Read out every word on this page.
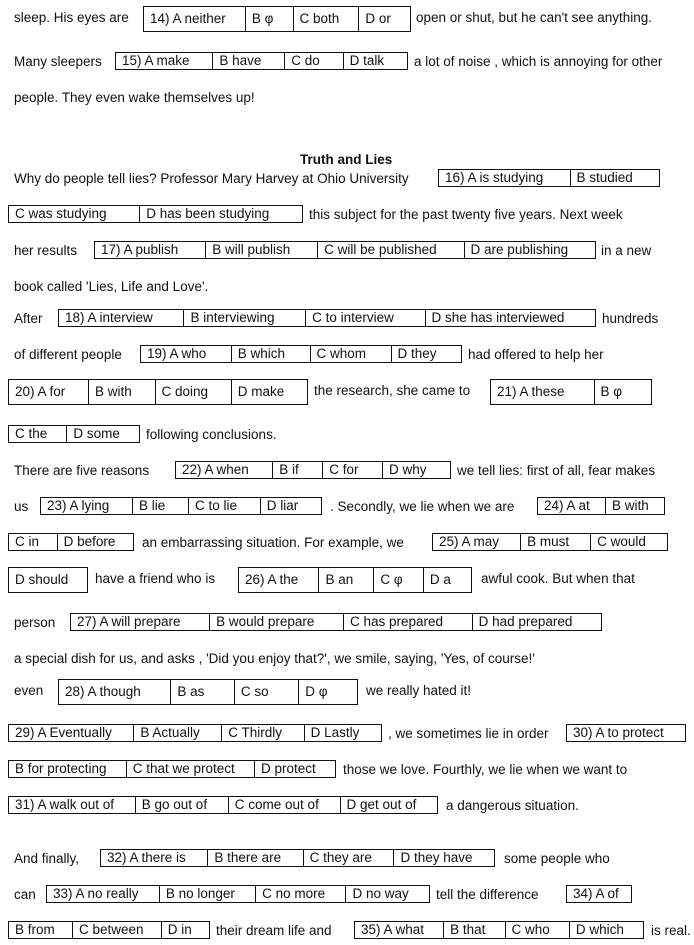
Truth and Lies
sleep. His eyes are	14) A neither	B φ	C both	D or	open or shut, but he can't see anything.
Many sleepers	15) A make	B have	C do	D talk	a lot of noise , which is annoying for other
people. They even wake themselves up!
Why do people tell lies? Professor Mary Harvey at Ohio University	16) A is studying	B studied
C was studying	D has been studying	this subject for the past twenty five years. Next week
her results	17) A publish	B will publish	C will be published	D are publishing	in a new
book called 'Lies, Life and Love'.
After	18) A interview	B interviewing	C to interview	D she has interviewed	hundreds
of different people	19) A who	B which	C whom	D they	had offered to help her
20) A for	B with	C doing	D make	the research, she came to	21) A these	B φ
C the	D some	following conclusions.
There are five reasons	22) A when	B if	C for	D why	we tell lies: first of all, fear makes
us	23) A lying	B lie	C to lie	D liar	. Secondly, we lie when we are	24) A at	B with
C in	D before	an embarrassing situation. For example, we	25) A may	B must	C would
D should	have a friend who is	26) A the	B an	C φ	D a	awful cook. But when that
person	27) A will prepare	B would prepare	C has prepared	D had prepared
a special dish for us, and asks , 'Did you enjoy that?', we smile, saying, 'Yes, of course!'
even	28) A though	B as	C so	D φ	we really hated it!
29) A Eventually	B Actually	C Thirdly	D Lastly	, we sometimes lie in order	30) A to protect
B for protecting	C that we protect	D protect	those we love. Fourthly, we lie when we want to
31) A walk out of	B go out of	C come out of	D get out of	a dangerous situation.
And finally,	32) A there is	B there are	C they are	D they have	some people who
can	33) A no really	B no longer	C no more	D no way	tell the difference	34) A of
B from	C between	D in	their dream life and	35) A what	B that	C who	D which	is real.
